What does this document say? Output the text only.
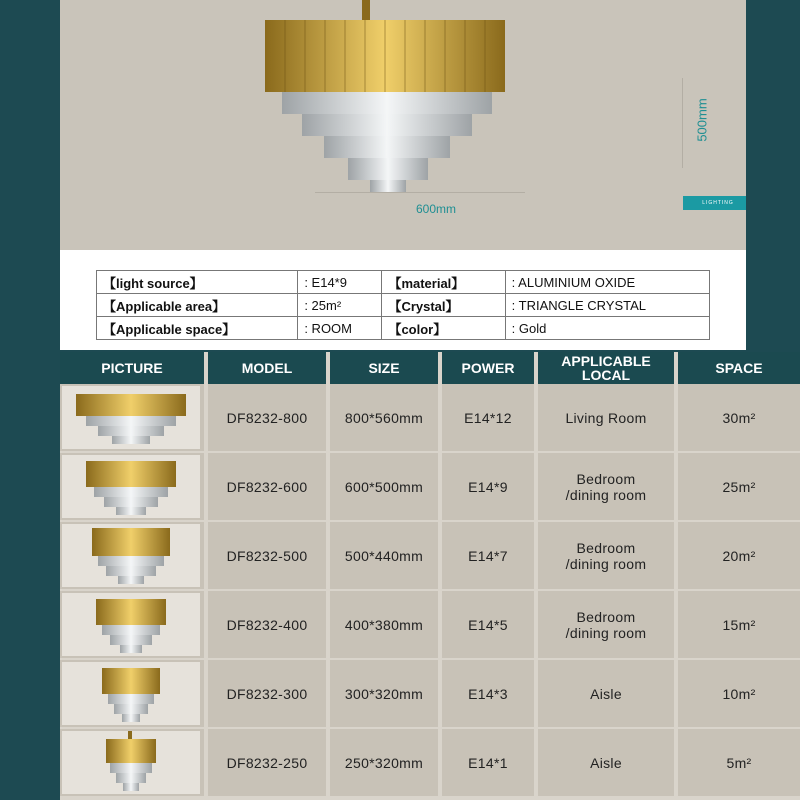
500mm
600mm	LIGHTING
【light source】	: E14*9	【material】	: ALUMINIUM OXIDE
【Applicable area】	: 25m²	【Crystal】	: TRIANGLE CRYSTAL
【Applicable space】	: ROOM	【color】	: Gold
PICTURE	MODEL	SIZE	POWER	APPLICABLE LOCAL	SPACE
DF8232-800	800*560mm	E14*12	Living Room	30m²
DF8232-600	600*500mm	E14*9	Bedroom /dining room	25m²
DF8232-500	500*440mm	E14*7	Bedroom /dining room	20m²
DF8232-400	400*380mm	E14*5	Bedroom /dining room	15m²
DF8232-300	300*320mm	E14*3	Aisle	10m²
DF8232-250	250*320mm	E14*1	Aisle	5m²
